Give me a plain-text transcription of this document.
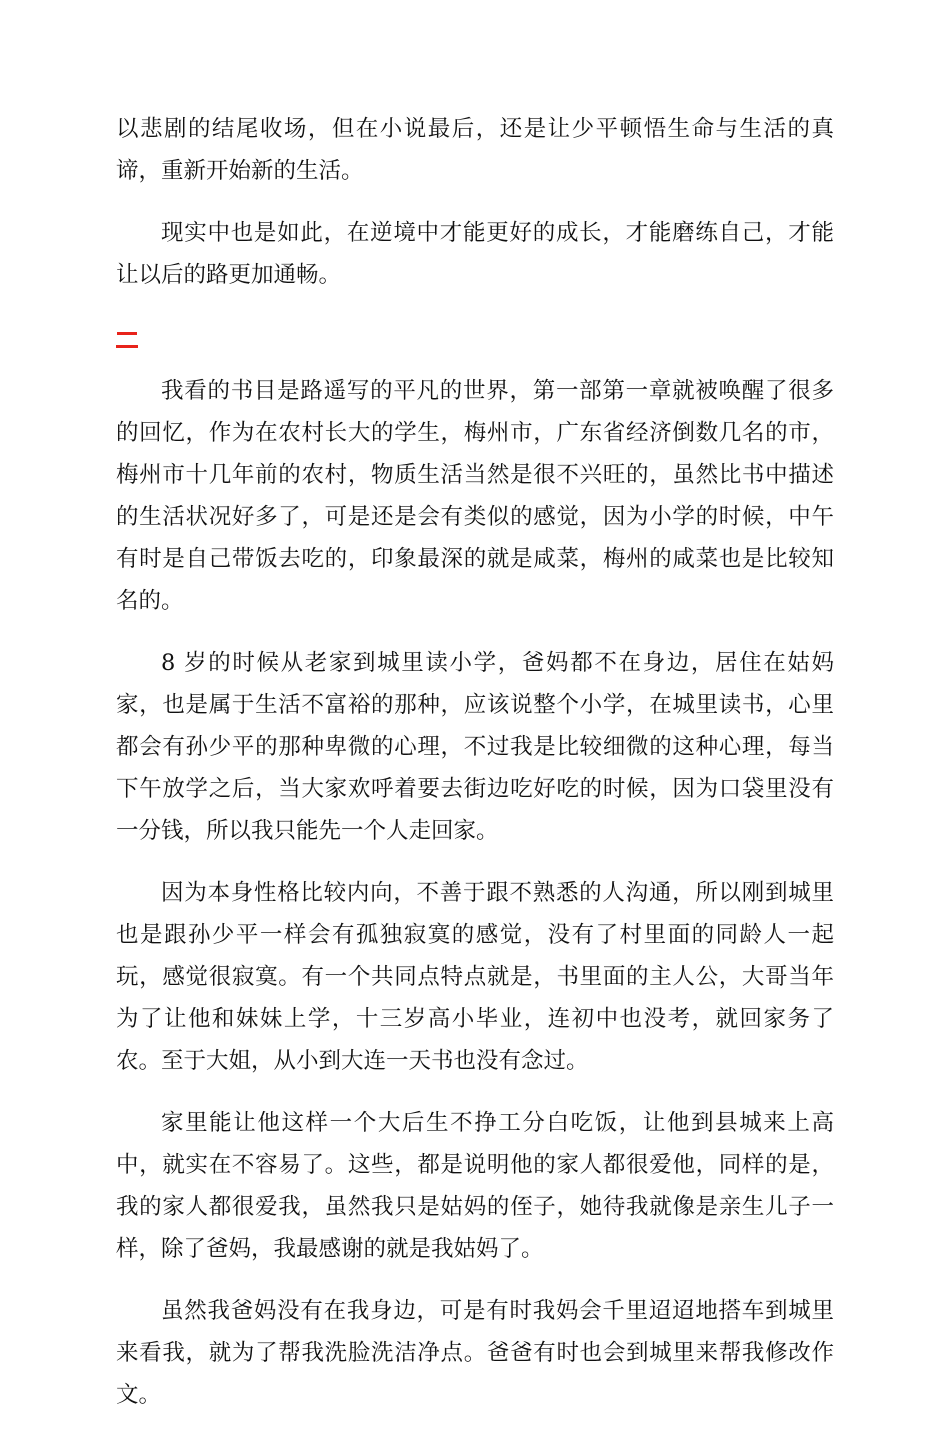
以悲剧的结尾收场，但在小说最后，还是让少平顿悟生命与生活的真谛，重新开始新的生活。

现实中也是如此，在逆境中才能更好的成长，才能磨练自己，才能让以后的路更加通畅。

我看的书目是路遥写的平凡的世界，第一部第一章就被唤醒了很多的回忆，作为在农村长大的学生，梅州市，广东省经济倒数几名的市，梅州市十几年前的农村，物质生活当然是很不兴旺的，虽然比书中描述的生活状况好多了，可是还是会有类似的感觉，因为小学的时候，中午有时是自己带饭去吃的，印象最深的就是咸菜，梅州的咸菜也是比较知名的。

8 岁的时候从老家到城里读小学，爸妈都不在身边，居住在姑妈家，也是属于生活不富裕的那种，应该说整个小学，在城里读书，心里都会有孙少平的那种卑微的心理，不过我是比较细微的这种心理，每当下午放学之后，当大家欢呼着要去街边吃好吃的时候，因为口袋里没有一分钱，所以我只能先一个人走回家。

因为本身性格比较内向，不善于跟不熟悉的人沟通，所以刚到城里也是跟孙少平一样会有孤独寂寞的感觉，没有了村里面的同龄人一起玩，感觉很寂寞。有一个共同点特点就是，书里面的主人公，大哥当年为了让他和妹妹上学，十三岁高小毕业，连初中也没考，就回家务了农。至于大姐，从小到大连一天书也没有念过。

家里能让他这样一个大后生不挣工分白吃饭，让他到县城来上高中，就实在不容易了。这些，都是说明他的家人都很爱他，同样的是，我的家人都很爱我，虽然我只是姑妈的侄子，她待我就像是亲生儿子一样，除了爸妈，我最感谢的就是我姑妈了。

虽然我爸妈没有在我身边，可是有时我妈会千里迢迢地搭车到城里来看我，就为了帮我洗脸洗洁净点。爸爸有时也会到城里来帮我修改作文。
